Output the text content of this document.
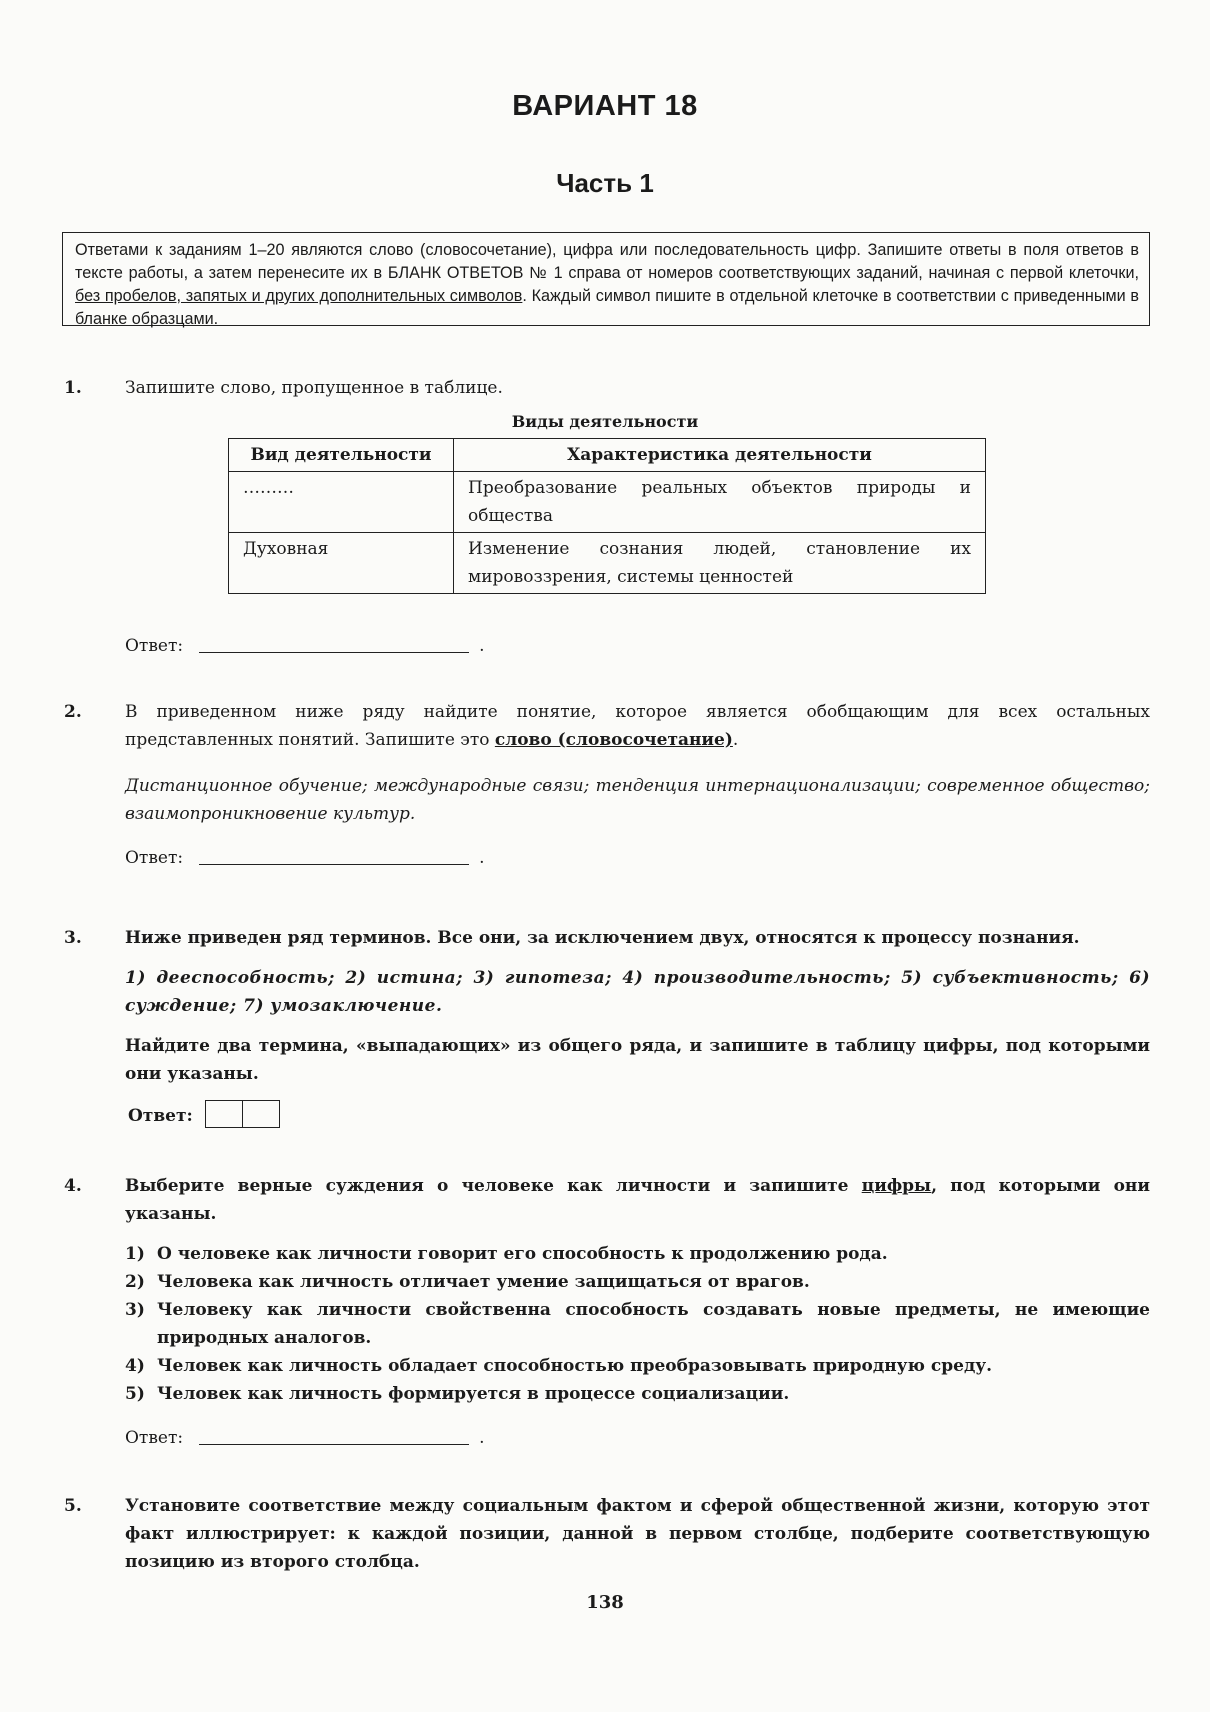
ВАРИАНТ 18
Часть 1
Ответами к заданиям 1–20 являются слово (словосочетание), цифра или последовательность цифр. Запишите ответы в поля ответов в тексте работы, а затем перенесите их в БЛАНК ОТВЕТОВ № 1 справа от номеров соответствующих заданий, начиная с первой клеточки, без пробелов, запятых и других дополнительных символов. Каждый символ пишите в отдельной клеточке в соответствии с приведенными в бланке образцами.
1.	Запишите слово, пропущенное в таблице.
Виды деятельности
Вид деятельности	Характеристика деятельности
………	Преобразование реальных объектов природы и общества
Духовная	Изменение сознания людей, становление их мировоззрения, системы ценностей
Ответ:	.
2.	В приведенном ниже ряду найдите понятие, которое является обобщающим для всех остальных представленных понятий. Запишите это слово (словосочетание).
Дистанционное обучение; международные связи; тенденция интернационализации; современное общество; взаимопроникновение культур.
Ответ:	.
3.	Ниже приведен ряд терминов. Все они, за исключением двух, относятся к процессу познания.
1) дееспособность; 2) истина; 3) гипотеза; 4) производительность; 5) субъективность; 6) суждение; 7) умозаключение.
Найдите два термина, «выпадающих» из общего ряда, и запишите в таблицу цифры, под которыми они указаны.
Ответ:
4.	Выберите верные суждения о человеке как личности и запишите цифры, под которыми они указаны.
1) О человеке как личности говорит его способность к продолжению рода.
2) Человека как личность отличает умение защищаться от врагов.
3) Человеку как личности свойственна способность создавать новые предметы, не имеющие природных аналогов.
4) Человек как личность обладает способностью преобразовывать природную среду.
5) Человек как личность формируется в процессе социализации.
Ответ:	.
5.	Установите соответствие между социальным фактом и сферой общественной жизни, которую этот факт иллюстрирует: к каждой позиции, данной в первом столбце, подберите соответствующую позицию из второго столбца.
138
